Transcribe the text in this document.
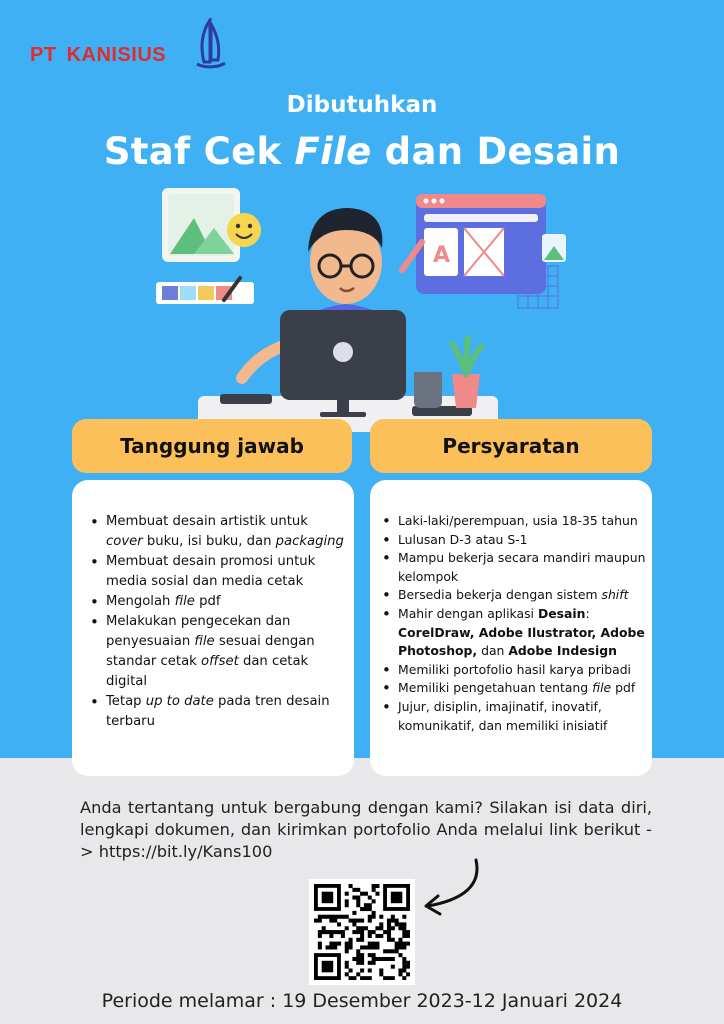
PT KANISIUS
Dibutuhkan
Staf Cek File dan Desain
A
Tanggung jawab	Persyaratan
• Membuat desain artistik untuk cover buku, isi buku, dan packaging
• Membuat desain promosi untuk media sosial dan media cetak
• Mengolah file pdf
• Melakukan pengecekan dan penyesuaian file sesuai dengan standar cetak offset dan cetak digital
• Tetap up to date pada tren desain terbaru
• Laki-laki/perempuan, usia 18-35 tahun
• Lulusan D-3 atau S-1
• Mampu bekerja secara mandiri maupun kelompok
• Bersedia bekerja dengan sistem shift
• Mahir dengan aplikasi Desain: CorelDraw, Adobe Ilustrator, Adobe Photoshop, dan Adobe Indesign
• Memiliki portofolio hasil karya pribadi
• Memiliki pengetahuan tentang file pdf
• Jujur, disiplin, imajinatif, inovatif, komunikatif, dan memiliki inisiatif
Anda tertantang untuk bergabung dengan kami? Silakan isi data diri, lengkapi dokumen, dan kirimkan portofolio Anda melalui link berikut -> https://bit.ly/Kans100
Periode melamar : 19 Desember 2023-12 Januari 2024
